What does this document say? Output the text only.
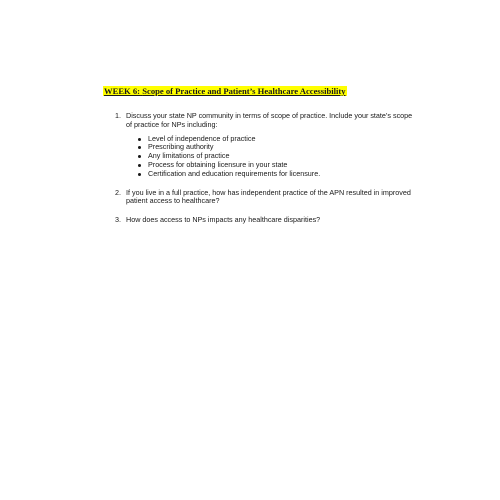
WEEK 6: Scope of Practice and Patient’s Healthcare Accessibility
1. Discuss your state NP community in terms of scope of practice. Include your state’s scope of practice for NPs including:
Level of independence of practice
Prescribing authority
Any limitations of practice
Process for obtaining licensure in your state
Certification and education requirements for licensure.
2. If you live in a full practice, how has independent practice of the APN resulted in improved patient access to healthcare?
3. How does access to NPs impacts any healthcare disparities?
